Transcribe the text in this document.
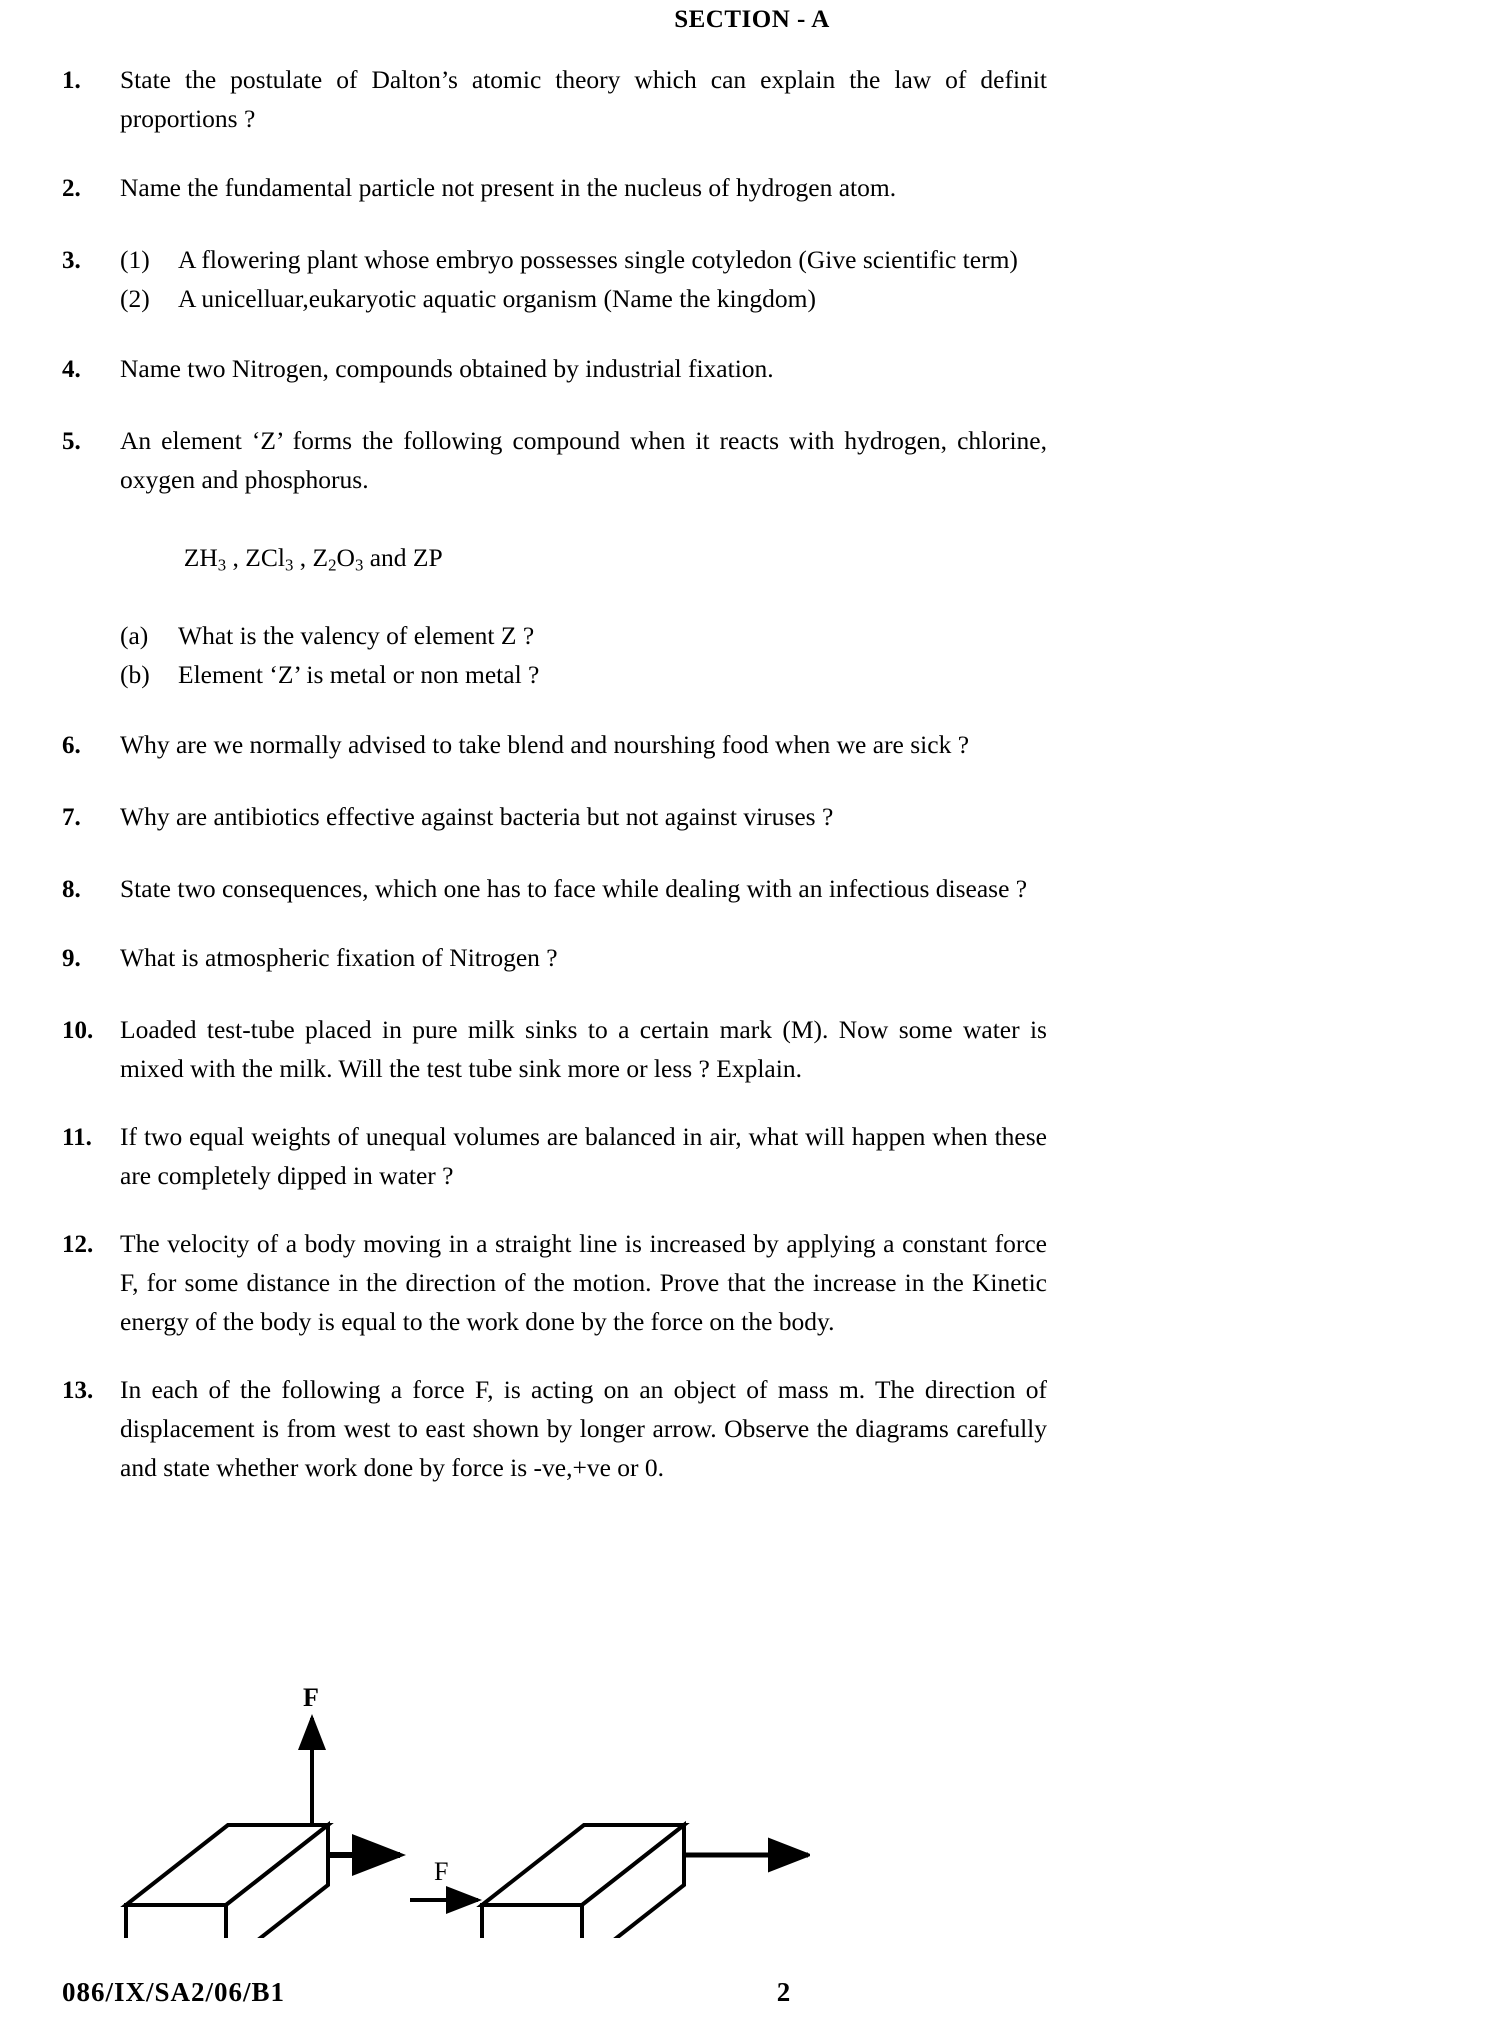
SECTION - A
1.	State the postulate of Dalton’s atomic theory which can explain the law of definit proportions ?
2.	Name the fundamental particle not present in the nucleus of hydrogen atom.
3.	(1)	A flowering plant whose embryo possesses single cotyledon (Give scientific term)
(2)	A unicelluar,eukaryotic aquatic organism (Name the kingdom)
4.	Name two Nitrogen, compounds obtained by industrial fixation.
5.	An element ‘Z’ forms the following compound when it reacts with hydrogen, chlorine, oxygen and phosphorus.

$ZH_3$ , ZCl$_3$ , $Z_2O_3$ and ZP

(a)	What is the valency of element Z ?
(b)	Element ‘Z’ is metal or non metal ?
6.	Why are we normally advised to take blend and nourshing food when we are sick ?
7.	Why are antibiotics effective against bacteria but not against viruses ?
8.	State two consequences, which one has to face while dealing with an infectious disease ?
9.	What is atmospheric fixation of Nitrogen ?
10.	Loaded test-tube placed in pure milk sinks to a certain mark (M). Now some water is mixed with the milk. Will the test tube sink more or less ? Explain.
11.	If two equal weights of unequal volumes are balanced in air, what will happen when these are completely dipped in water ?
12.	The velocity of a body moving in a straight line is increased by applying a constant force F, for some distance in the direction of the motion. Prove that the increase in the Kinetic energy of the body is equal to the work done by the force on the body.
13.	In each of the following a force F, is acting on an object of mass m. The direction of displacement is from west to east shown by longer arrow. Observe the diagrams carefully and state whether work done by force is -ve,+ve or 0.
F
F
086/IX/SA2/06/B1	2
